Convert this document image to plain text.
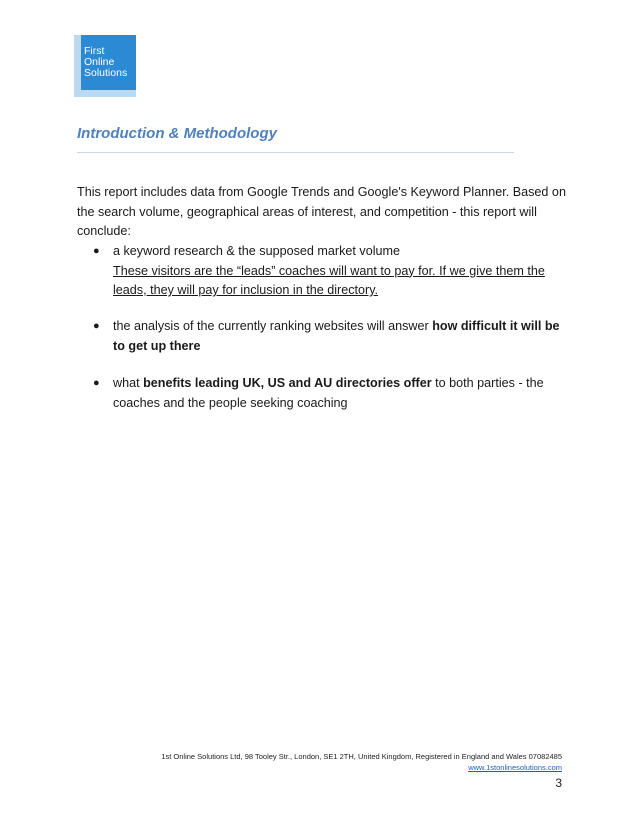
First
Online
Solutions
Introduction & Methodology

This report includes data from Google Trends and Google's Keyword Planner. Based on the search volume, geographical areas of interest, and competition - this report will conclude:

● a keyword research & the supposed market volume
These visitors are the “leads” coaches will want to pay for. If we give them the leads, they will pay for inclusion in the directory.
● the analysis of the currently ranking websites will answer how difficult it will be to get up there
● what benefits leading UK, US and AU directories offer to both parties - the coaches and the people seeking coaching
1st Online Solutions Ltd, 98 Tooley Str., London, SE1 2TH, United Kingdom, Registered in England and Wales 07082485
www.1stonlinesolutions.com
3
